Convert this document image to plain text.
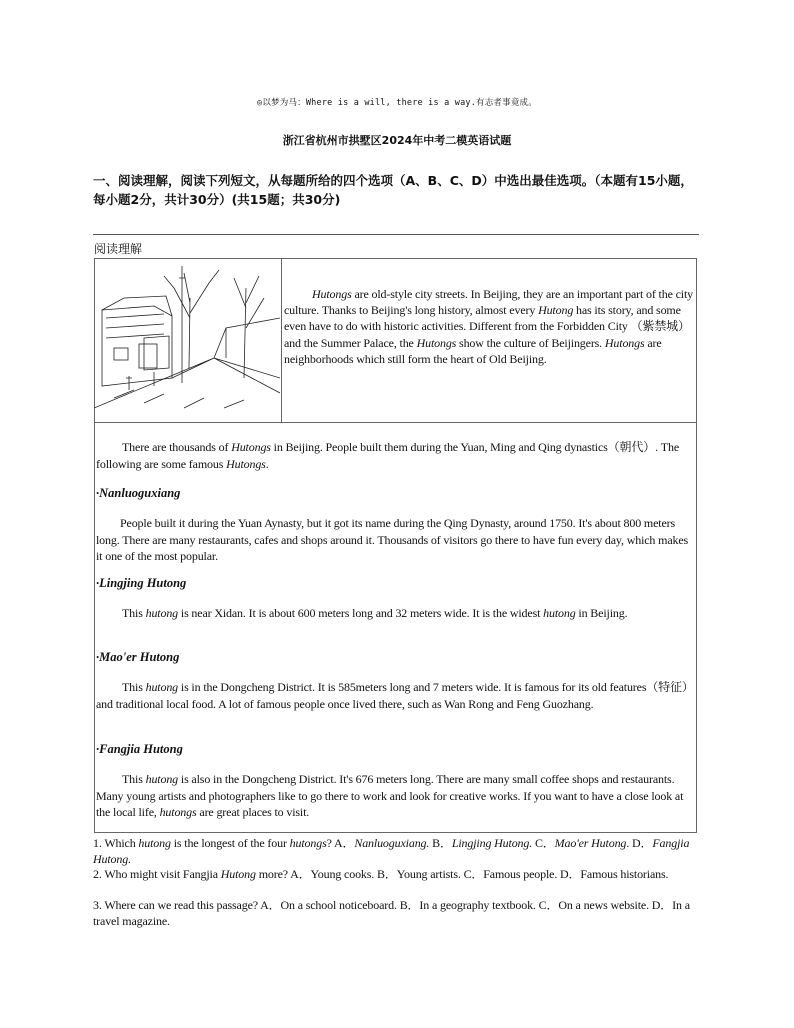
◎以梦为马：Where is a will, there is a way.有志者事竟成。
浙江省杭州市拱墅区2024年中考二模英语试题
一、阅读理解，阅读下列短文，从每题所给的四个选项（A、B、C、D）中选出最佳选项。（本题有15小题，每小题2分，共计30分）(共15题；共30分)
阅读理解
Hutongs are old-style city streets. In Beijing, they are an important part of the city culture. Thanks to Beijing's long history, almost every Hutong has its story, and some even have to do with historic activities. Different from the Forbidden City （紫禁城） and the Summer Palace, the Hutongs show the culture of Beijingers. Hutongs are neighborhoods which still form the heart of Old Beijing.
There are thousands of Hutongs in Beijing. People built them during the Yuan, Ming and Qing dynastics（朝代）. The following are some famous Hutongs.
·Nanluoguxiang
People built it during the Yuan Aynasty, but it got its name during the Qing Dynasty, around 1750. It's about 800 meters long. There are many restaurants, cafes and shops around it. Thousands of visitors go there to have fun every day, which makes it one of the most popular.
·Lingjing Hutong
This hutong is near Xidan. It is about 600 meters long and 32 meters wide. It is the widest hutong in Beijing.
·Mao'er Hutong
This hutong is in the Dongcheng District. It is 585meters long and 7 meters wide. It is famous for its old features（特征） and traditional local food. A lot of famous people once lived there, such as Wan Rong and Feng Guozhang.
·Fangjia Hutong
This hutong is also in the Dongcheng District. It's 676 meters long. There are many small coffee shops and restaurants. Many young artists and photographers like to go there to work and look for creative works. If you want to have a close look at the local life, hutongs are great places to visit.
1. Which hutong is the longest of the four hutongs? A．Nanluoguxiang. B．Lingjing Hutong. C．Mao'er Hutong. D．Fangjia Hutong.
2. Who might visit Fangjia Hutong more? A．Young cooks. B．Young artists. C．Famous people. D．Famous historians.
3. Where can we read this passage? A．On a school noticeboard. B．In a geography textbook. C．On a news website. D．In a travel magazine.
